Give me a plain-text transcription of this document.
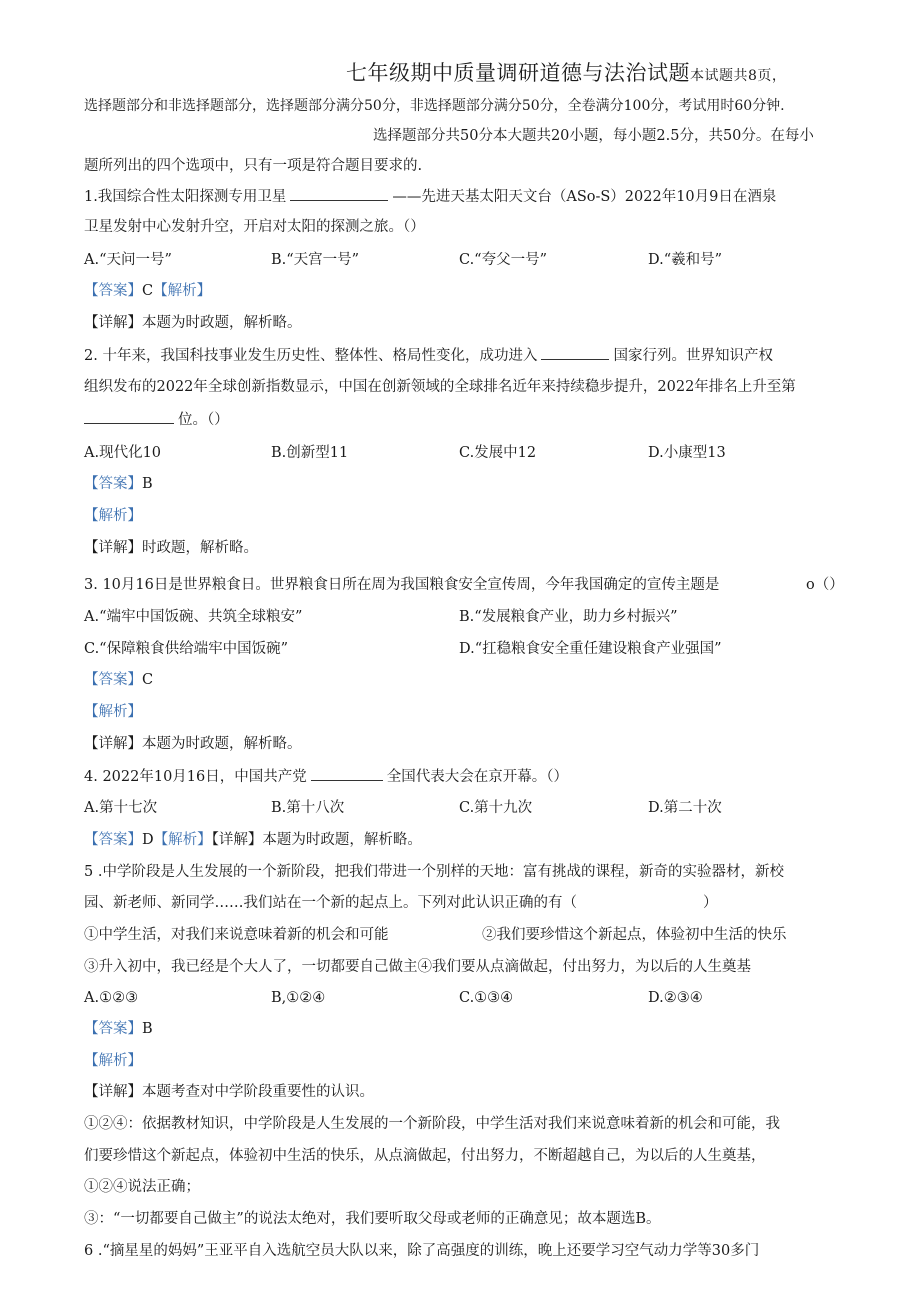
七年级期中质量调研道德与法治试题本试题共8页，
选择题部分和非选择题部分，选择题部分满分50分，非选择题部分满分50分，全卷满分100分，考试用时60分钟.
选择题部分共50分本大题共20小题，每小题2.5分，共50分。在每小
题所列出的四个选项中，只有一项是符合题目要求的.
1.我国综合性太阳探测专用卫星	——先进天基太阳天文台（ASo-S）2022年10月9日在酒泉
卫星发射中心发射升空，开启对太阳的探测之旅。（）
A.“天问一号”	B.“天宫一号”	C.“夸父一号”	D.“羲和号”
【答案】C【解析】
【详解】本题为时政题，解析略。
2. 十年来，我国科技事业发生历史性、整体性、格局性变化，成功进入	国家行列。世界知识产权
组织发布的2022年全球创新指数显示，中国在创新领域的全球排名近年来持续稳步提升，2022年排名上升至第
位。（）
A.现代化10	B.创新型11	C.发展中12	D.小康型13
【答案】B
【解析】
【详解】时政题，解析略。
3. 10月16日是世界粮食日。世界粮食日所在周为我国粮食安全宣传周，今年我国确定的宣传主题是	o（）
A.“端牢中国饭碗、共筑全球粮安”	B.“发展粮食产业，助力乡村振兴”
C.“保障粮食供给端牢中国饭碗”	D.“扛稳粮食安全重任建设粮食产业强国”
【答案】C
【解析】
【详解】本题为时政题，解析略。
4. 2022年10月16日，中国共产党	全国代表大会在京开幕。（）
A.第十七次	B.第十八次	C.第十九次	D.第二十次
【答案】D【解析】【详解】本题为时政题，解析略。
5 .中学阶段是人生发展的一个新阶段，把我们带进一个别样的天地：富有挑战的课程，新奇的实验器材，新校
园、新老师、新同学……我们站在一个新的起点上。下列对此认识正确的有（	）
①中学生活，对我们来说意味着新的机会和可能	②我们要珍惜这个新起点，体验初中生活的快乐
③升入初中，我已经是个大人了，一切都要自己做主④我们要从点滴做起，付出努力，为以后的人生奠基
A.①②③	B,①②④	C.①③④	D.②③④
【答案】B
【解析】
【详解】本题考查对中学阶段重要性的认识。
①②④：依据教材知识，中学阶段是人生发展的一个新阶段，中学生活对我们来说意味着新的机会和可能，我
们要珍惜这个新起点，体验初中生活的快乐，从点滴做起，付出努力，不断超越自己，为以后的人生奠基，
①②④说法正确；
③：“一切都要自己做主”的说法太绝对，我们要听取父母或老师的正确意见；故本题选B。
6 .“摘星星的妈妈”王亚平自入选航空员大队以来，除了高强度的训练，晚上还要学习空气动力学等30多门
